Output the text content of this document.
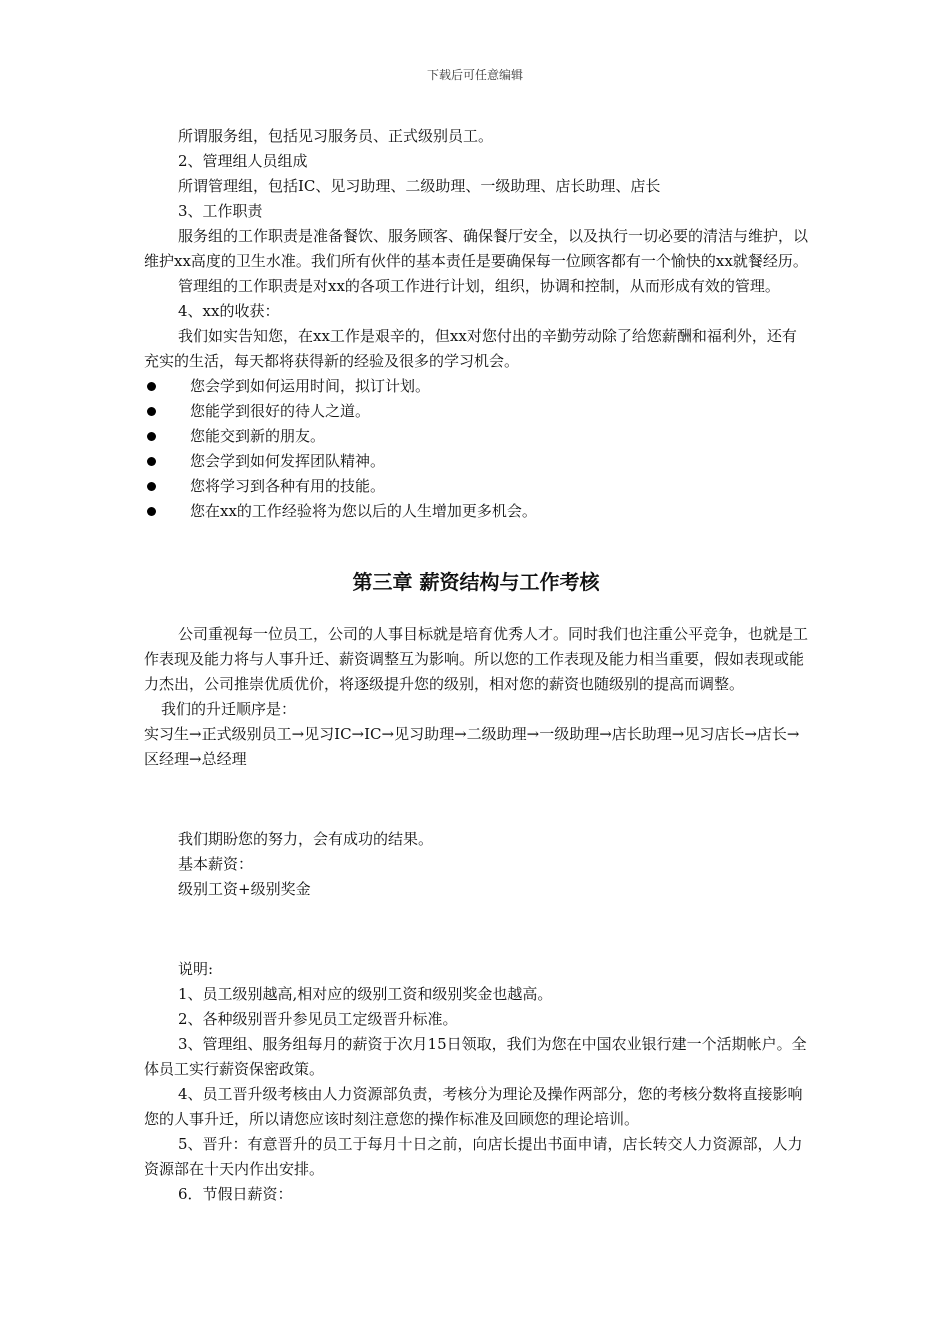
下载后可任意编辑

所谓服务组，包括见习服务员、正式级别员工。

2、管理组人员组成

所谓管理组，包括IC、见习助理、二级助理、一级助理、店长助理、店长

3、工作职责

服务组的工作职责是准备餐饮、服务顾客、确保餐厅安全，以及执行一切必要的清洁与维护，以维护xx高度的卫生水准。我们所有伙伴的基本责任是要确保每一位顾客都有一个愉快的xx就餐经历。

管理组的工作职责是对xx的各项工作进行计划，组织，协调和控制，从而形成有效的管理。

4、xx的收获：

我们如实告知您，在xx工作是艰辛的，但xx对您付出的辛勤劳动除了给您薪酬和福利外，还有充实的生活，每天都将获得新的经验及很多的学习机会。

您会学到如何运用时间，拟订计划。

您能学到很好的待人之道。

您能交到新的朋友。

您会学到如何发挥团队精神。

您将学习到各种有用的技能。

您在xx的工作经验将为您以后的人生增加更多机会。

第三章 薪资结构与工作考核

公司重视每一位员工，公司的人事目标就是培育优秀人才。同时我们也注重公平竞争，也就是工作表现及能力将与人事升迁、薪资调整互为影响。所以您的工作表现及能力相当重要，假如表现或能力杰出，公司推崇优质优价，将逐级提升您的级别，相对您的薪资也随级别的提高而调整。

我们的升迁顺序是：

实习生→正式级别员工→见习IC→IC→见习助理→二级助理→一级助理→店长助理→见习店长→店长→区经理→总经理

我们期盼您的努力，会有成功的结果。

基本薪资：

级别工资+级别奖金

说明:

1、员工级别越高,相对应的级别工资和级别奖金也越高。

2、各种级别晋升参见员工定级晋升标准。

3、管理组、服务组每月的薪资于次月15日领取，我们为您在中国农业银行建一个活期帐户。全体员工实行薪资保密政策。

4、员工晋升级考核由人力资源部负责，考核分为理论及操作两部分，您的考核分数将直接影响您的人事升迁，所以请您应该时刻注意您的操作标准及回顾您的理论培训。

5、晋升：有意晋升的员工于每月十日之前，向店长提出书面申请，店长转交人力资源部，人力资源部在十天内作出安排。

6．节假日薪资：
